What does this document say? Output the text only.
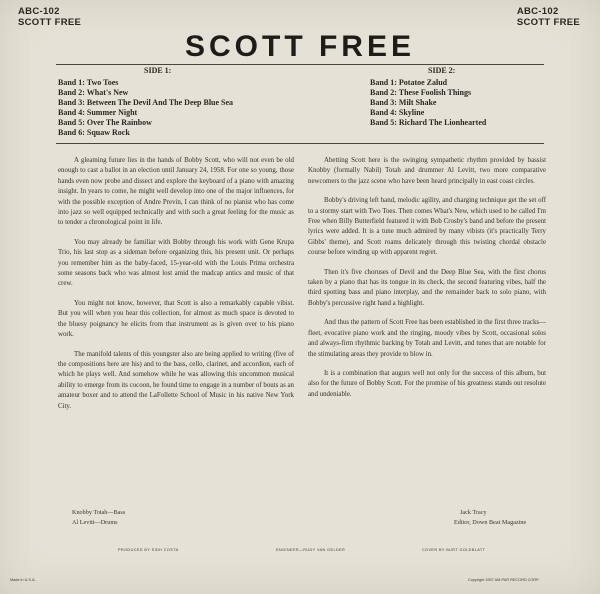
ABC-102
SCOTT FREE
ABC-102
SCOTT FREE
SCOTT FREE
SIDE 1:
Band 1: Two Toes
Band 2: What's New
Band 3: Between The Devil And The Deep Blue Sea
Band 4: Summer Night
Band 5: Over The Rainbow
Band 6: Squaw Rock
SIDE 2:
Band 1: Potatoe Zalud
Band 2: These Foolish Things
Band 3: Milt Shake
Band 4: Skyline
Band 5: Richard The Lionhearted

A gleaming future lies in the hands of Bobby Scott, who will not even be old enough to cast a ballot in an election until January 24, 1958. For one so young, those hands even now probe and dissect and explore the keyboard of a piano with amazing insight. In years to come, he might well develop into one of the major influences, for with the possible exception of Andre Previn, I can think of no pianist who has come into jazz so well equipped technically and with such a great feeling for the music as to tender a chronological point in life.

You may already be familiar with Bobby through his work with Gene Krupa Trio, his last stop as a sideman before organizing this, his present unit. Or perhaps you remember him as the baby-faced, 15-year-old with the Louis Prima orchestra some seasons back who was almost lost amid the madcap antics and music of that crew.

You might not know, however, that Scott is also a remarkably capable vibist. But you will when you hear this collection, for almost as much space is devoted to the bluesy poignancy he elicits from that instrument as is given over to his piano work.

The manifold talents of this youngster also are being applied to writing (five of the compositions here are his) and to the bass, cello, clarinet, and accordion, each of which he plays well. And somehow while he was allowing this uncommon musical ability to emerge from its cocoon, he found time to engage in a number of bouts as an amateur boxer and to attend the LaFollette School of Music in his native New York City.

Abetting Scott here is the swinging sympathetic rhythm provided by bassist Knobby (formally Nabil) Totah and drummer Al Levitt, two more comparative newcomers to the jazz scene who have been heard principally in east coast circles.

Bobby's driving left hand, melodic agility, and charging technique get the set off to a stormy start with Two Toes. Then comes What's New, which used to be called I'm Free when Billy Butterfield featured it with Bob Crosby's band and before the present lyrics were added. It is a tune much admired by many vibists (it's practically Terry Gibbs' theme), and Scott roams delicately through this twisting chordal obstacle course before winding up with apparent regret.

Then it's five choruses of Devil and the Deep Blue Sea, with the first chorus taken by a piano that has its tongue in its check, the second featuring vibes, half the third spotting bass and piano interplay, and the remainder back to solo piano, with Bobby's percussive right hand a highlight.

And thus the pattern of Scott Free has been established in the first three tracks—fleet, evocative piano work and the ringing, moody vibes by Scott, occasional solos and always-firm rhythmic backing by Totah and Levitt, and tunes that are notable for the stimulating areas they provide to blow in.

It is a combination that augurs well not only for the success of this album, but also for the future of Bobby Scott. For the promise of his greatness stands out resolute and undeniable.

Knobby Totah—Bass
Al Levitt—Drums
Jack Tracy
Editor, Down Beat Magazine
PRODUCED BY SIDH COSTA	ENGINEER—RUDY VAN GELDER	COVER BY BURT GOLDBLATT
Made in U.S.A.	Copyright 1957 AM-PAR RECORD CORP.
